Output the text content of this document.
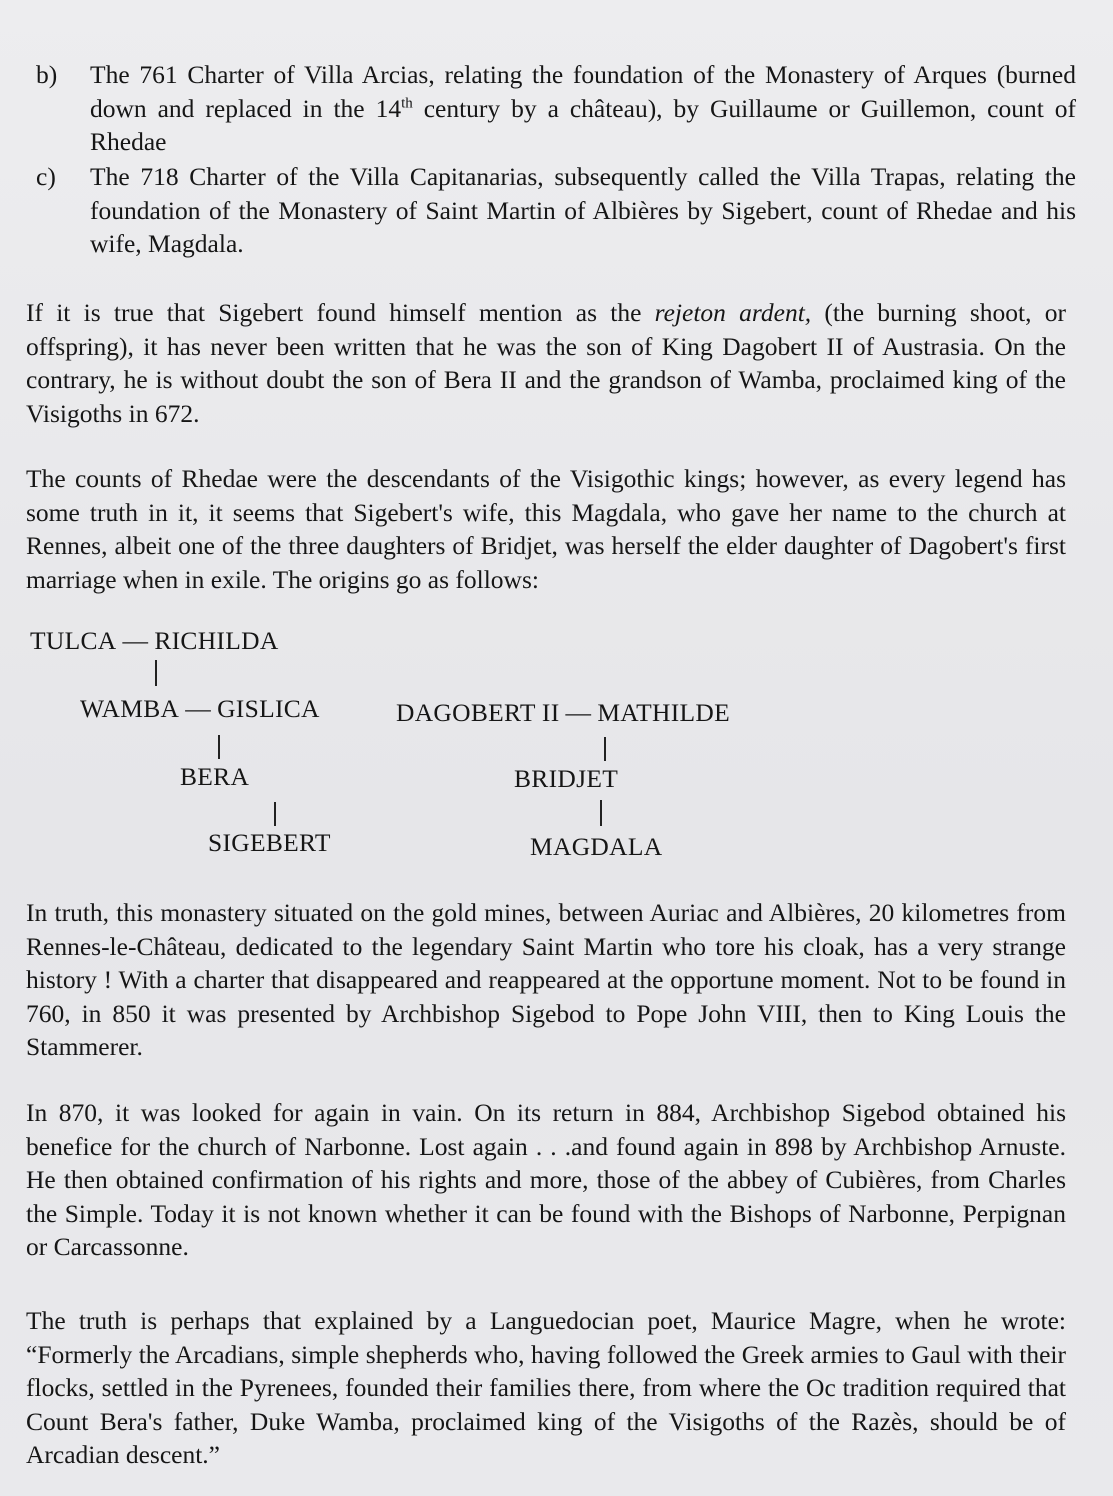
b)	The 761 Charter of Villa Arcias, relating the foundation of the Monastery of Arques (burned down and replaced in the 14th century by a château), by Guillaume or Guillemon, count of Rhedae
c)	The 718 Charter of the Villa Capitanarias, subsequently called the Villa Trapas, relating the foundation of the Monastery of Saint Martin of Albières by Sigebert, count of Rhedae and his wife, Magdala.

If it is true that Sigebert found himself mention as the rejeton ardent, (the burning shoot, or offspring), it has never been written that he was the son of King Dagobert II of Austrasia. On the contrary, he is without doubt the son of Bera II and the grandson of Wamba, proclaimed king of the Visigoths in 672.

The counts of Rhedae were the descendants of the Visigothic kings; however, as every legend has some truth in it, it seems that Sigebert's wife, this Magdala, who gave her name to the church at Rennes, albeit one of the three daughters of Bridjet, was herself the elder daughter of Dagobert's first marriage when in exile. The origins go as follows:

TULCA — RICHILDA
WAMBA — GISLICA	DAGOBERT II — MATHILDE
BERA	BRIDJET
SIGEBERT	MAGDALA

In truth, this monastery situated on the gold mines, between Auriac and Albières, 20 kilometres from Rennes-le-Château, dedicated to the legendary Saint Martin who tore his cloak, has a very strange history ! With a charter that disappeared and reappeared at the opportune moment. Not to be found in 760, in 850 it was presented by Archbishop Sigebod to Pope John VIII, then to King Louis the Stammerer.

In 870, it was looked for again in vain. On its return in 884, Archbishop Sigebod obtained his benefice for the church of Narbonne. Lost again . . .and found again in 898 by Archbishop Arnuste. He then obtained confirmation of his rights and more, those of the abbey of Cubières, from Charles the Simple. Today it is not known whether it can be found with the Bishops of Narbonne, Perpignan or Carcassonne.

The truth is perhaps that explained by a Languedocian poet, Maurice Magre, when he wrote: “Formerly the Arcadians, simple shepherds who, having followed the Greek armies to Gaul with their flocks, settled in the Pyrenees, founded their families there, from where the Oc tradition required that Count Bera's father, Duke Wamba, proclaimed king of the Visigoths of the Razès, should be of Arcadian descent.”
